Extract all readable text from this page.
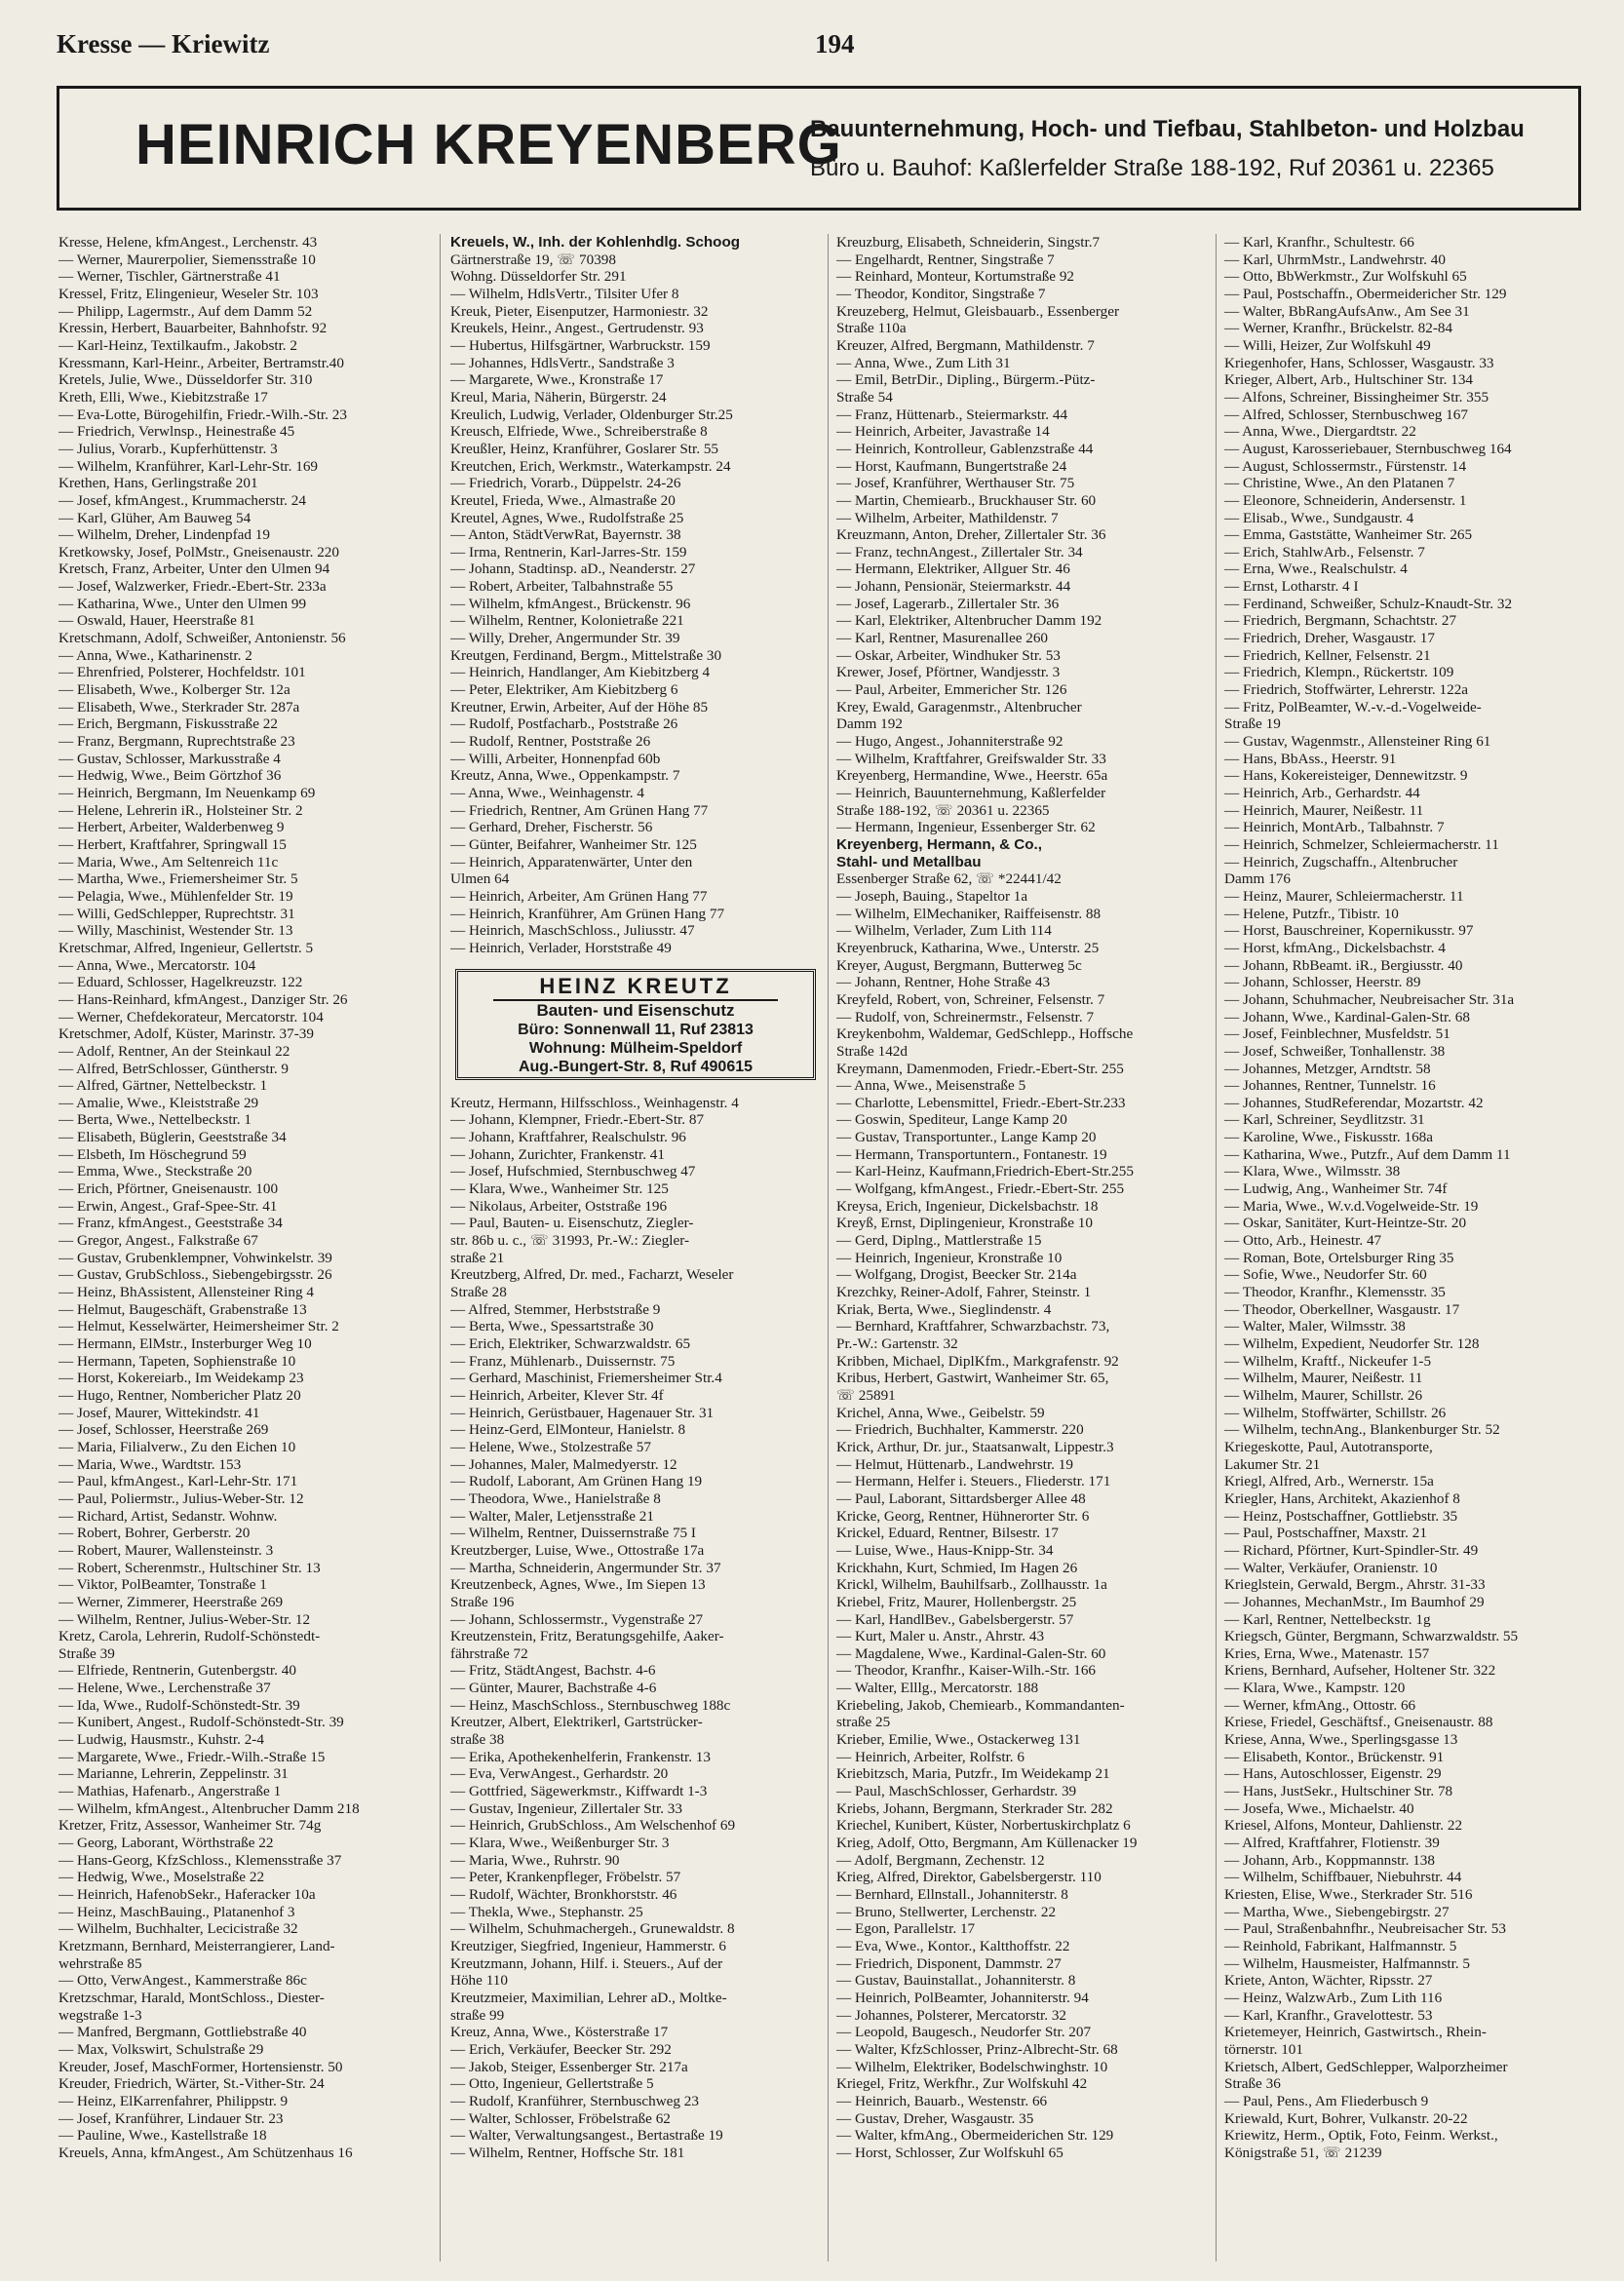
Kresse — Kriewitz	194
HEINRICH KREYENBERG
Bauunternehmung, Hoch- und Tiefbau, Stahlbeton- und Holzbau
Büro u. Bauhof: Kaßlerfelder Straße 188-192, Ruf 20361 u. 22365
Kresse, Helene, kfmAngest., Lerchenstr. 43
— Werner, Maurerpolier, Siemensstraße 10
— Werner, Tischler, Gärtnerstraße 41
Kressel, Fritz, Elingenieur, Weseler Str. 103
— Philipp, Lagermstr., Auf dem Damm 52
Kressin, Herbert, Bauarbeiter, Bahnhofstr. 92
— Karl-Heinz, Textilkaufm., Jakobstr. 2
Kressmann, Karl-Heinr., Arbeiter, Bertramstr.40
Kretels, Julie, Wwe., Düsseldorfer Str. 310
Kreth, Elli, Wwe., Kiebitzstraße 17
— Eva-Lotte, Bürogehilfin, Friedr.-Wilh.-Str. 23
— Friedrich, Verwlnsp., Heinestraße 45
— Julius, Vorarb., Kupferhüttenstr. 3
— Wilhelm, Kranführer, Karl-Lehr-Str. 169
Krethen, Hans, Gerlingstraße 201
— Josef, kfmAngest., Krummacherstr. 24
— Karl, Glüher, Am Bauweg 54
— Wilhelm, Dreher, Lindenpfad 19
Kretkowsky, Josef, PolMstr., Gneisenaustr. 220
Kretsch, Franz, Arbeiter, Unter den Ulmen 94
— Josef, Walzwerker, Friedr.-Ebert-Str. 233a
— Katharina, Wwe., Unter den Ulmen 99
— Oswald, Hauer, Heerstraße 81
Kretschmann, Adolf, Schweißer, Antonienstr. 56
— Anna, Wwe., Katharinenstr. 2
— Ehrenfried, Polsterer, Hochfeldstr. 101
— Elisabeth, Wwe., Kolberger Str. 12a
— Elisabeth, Wwe., Sterkrader Str. 287a
— Erich, Bergmann, Fiskusstraße 22
— Franz, Bergmann, Ruprechtstraße 23
— Gustav, Schlosser, Markusstraße 4
— Hedwig, Wwe., Beim Görtzhof 36
— Heinrich, Bergmann, Im Neuenkamp 69
— Helene, Lehrerin iR., Holsteiner Str. 2
— Herbert, Arbeiter, Walderbenweg 9
— Herbert, Kraftfahrer, Springwall 15
— Maria, Wwe., Am Seltenreich 11c
— Martha, Wwe., Friemersheimer Str. 5
— Pelagia, Wwe., Mühlenfelder Str. 19
— Willi, GedSchlepper, Ruprechtstr. 31
— Willy, Maschinist, Westender Str. 13
Kretschmar, Alfred, Ingenieur, Gellertstr. 5
— Anna, Wwe., Mercatorstr. 104
— Eduard, Schlosser, Hagelkreuzstr. 122
— Hans-Reinhard, kfmAngest., Danziger Str. 26
— Werner, Chefdekorateur, Mercatorstr. 104
Kretschmer, Adolf, Küster, Marinstr. 37-39
— Adolf, Rentner, An der Steinkaul 22
— Alfred, BetrSchlosser, Güntherstr. 9
— Alfred, Gärtner, Nettelbeckstr. 1
— Amalie, Wwe., Kleiststraße 29
— Berta, Wwe., Nettelbeckstr. 1
— Elisabeth, Büglerin, Geeststraße 34
— Elsbeth, Im Höschegrund 59
— Emma, Wwe., Steckstraße 20
— Erich, Pförtner, Gneisenaustr. 100
— Erwin, Angest., Graf-Spee-Str. 41
— Franz, kfmAngest., Geeststraße 34
— Gregor, Angest., Falkstraße 67
— Gustav, Grubenklempner, Vohwinkelstr. 39
— Gustav, GrubSchloss., Siebengebirgsstr. 26
— Heinz, BhAssistent, Allensteiner Ring 4
— Helmut, Baugeschäft, Grabenstraße 13
— Helmut, Kesselwärter, Heimersheimer Str. 2
— Hermann, ElMstr., Insterburger Weg 10
— Hermann, Tapeten, Sophienstraße 10
— Horst, Kokereiarb., Im Weidekamp 23
— Hugo, Rentner, Nombericher Platz 20
— Josef, Maurer, Wittekindstr. 41
— Josef, Schlosser, Heerstraße 269
— Maria, Filialverw., Zu den Eichen 10
— Maria, Wwe., Wardtstr. 153
— Paul, kfmAngest., Karl-Lehr-Str. 171
— Paul, Poliermstr., Julius-Weber-Str. 12
— Richard, Artist, Sedanstr. Wohnw.
— Robert, Bohrer, Gerberstr. 20
— Robert, Maurer, Wallensteinstr. 3
— Robert, Scherenmstr., Hultschiner Str. 13
— Viktor, PolBeamter, Tonstraße 1
— Werner, Zimmerer, Heerstraße 269
— Wilhelm, Rentner, Julius-Weber-Str. 12
Kretz, Carola, Lehrerin, Rudolf-Schönstedt-
Straße 39
— Elfriede, Rentnerin, Gutenbergstr. 40
— Helene, Wwe., Lerchenstraße 37
— Ida, Wwe., Rudolf-Schönstedt-Str. 39
— Kunibert, Angest., Rudolf-Schönstedt-Str. 39
— Ludwig, Hausmstr., Kuhstr. 2-4
— Margarete, Wwe., Friedr.-Wilh.-Straße 15
— Marianne, Lehrerin, Zeppelinstr. 31
— Mathias, Hafenarb., Angerstraße 1
— Wilhelm, kfmAngest., Altenbrucher Damm 218
Kretzer, Fritz, Assessor, Wanheimer Str. 74g
— Georg, Laborant, Wörthstraße 22
— Hans-Georg, KfzSchloss., Klemensstraße 37
— Hedwig, Wwe., Moselstraße 22
— Heinrich, HafenobSekr., Haferacker 10a
— Heinz, MaschBauing., Platanenhof 3
— Wilhelm, Buchhalter, Lecicistraße 32
Kretzmann, Bernhard, Meisterrangierer, Land-
wehrstraße 85
— Otto, VerwAngest., Kammerstraße 86c
Kretzschmar, Harald, MontSchloss., Diester-
wegstraße 1-3
— Manfred, Bergmann, Gottliebstraße 40
— Max, Volkswirt, Schulstraße 29
Kreuder, Josef, MaschFormer, Hortensienstr. 50
Kreuder, Friedrich, Wärter, St.-Vither-Str. 24
— Heinz, ElKarrenfahrer, Philippstr. 9
— Josef, Kranführer, Lindauer Str. 23
— Pauline, Wwe., Kastellstraße 18
Kreuels, Anna, kfmAngest., Am Schützenhaus 16
Kreuels, W., Inh. der Kohlenhdlg. Schoog
Gärtnerstraße 19, ☏ 70398
Wohng. Düsseldorfer Str. 291
— Wilhelm, HdlsVertr., Tilsiter Ufer 8
Kreuk, Pieter, Eisenputzer, Harmoniestr. 32
Kreukels, Heinr., Angest., Gertrudenstr. 93
— Hubertus, Hilfsgärtner, Warbruckstr. 159
— Johannes, HdlsVertr., Sandstraße 3
— Margarete, Wwe., Kronstraße 17
Kreul, Maria, Näherin, Bürgerstr. 24
Kreulich, Ludwig, Verlader, Oldenburger Str.25
Kreusch, Elfriede, Wwe., Schreiberstraße 8
Kreußler, Heinz, Kranführer, Goslarer Str. 55
Kreutchen, Erich, Werkmstr., Waterkampstr. 24
— Friedrich, Vorarb., Düppelstr. 24-26
Kreutel, Frieda, Wwe., Almastraße 20
Kreutel, Agnes, Wwe., Rudolfstraße 25
— Anton, StädtVerwRat, Bayernstr. 38
— Irma, Rentnerin, Karl-Jarres-Str. 159
— Johann, Stadtinsp. aD., Neanderstr. 27
— Robert, Arbeiter, Talbahnstraße 55
— Wilhelm, kfmAngest., Brückenstr. 96
— Wilhelm, Rentner, Kolonietraße 221
— Willy, Dreher, Angermunder Str. 39
Kreutgen, Ferdinand, Bergm., Mittelstraße 30
— Heinrich, Handlanger, Am Kiebitzberg 4
— Peter, Elektriker, Am Kiebitzberg 6
Kreutner, Erwin, Arbeiter, Auf der Höhe 85
— Rudolf, Postfacharb., Poststraße 26
— Rudolf, Rentner, Poststraße 26
— Willi, Arbeiter, Honnenpfad 60b
Kreutz, Anna, Wwe., Oppenkampstr. 7
— Anna, Wwe., Weinhagenstr. 4
— Friedrich, Rentner, Am Grünen Hang 77
— Gerhard, Dreher, Fischerstr. 56
— Günter, Beifahrer, Wanheimer Str. 125
— Heinrich, Apparatenwärter, Unter den
Ulmen 64
— Heinrich, Arbeiter, Am Grünen Hang 77
— Heinrich, Kranführer, Am Grünen Hang 77
— Heinrich, MaschSchloss., Juliusstr. 47
— Heinrich, Verlader, Horststraße 49

Kreutz, Hermann, Hilfsschloss., Weinhagenstr. 4
— Johann, Klempner, Friedr.-Ebert-Str. 87
— Johann, Kraftfahrer, Realschulstr. 96
— Johann, Zurichter, Frankenstr. 41
— Josef, Hufschmied, Sternbuschweg 47
— Klara, Wwe., Wanheimer Str. 125
— Nikolaus, Arbeiter, Oststraße 196
— Paul, Bauten- u. Eisenschutz, Ziegler-
str. 86b u. c., ☏ 31993, Pr.-W.: Ziegler-
straße 21
Kreutzberg, Alfred, Dr. med., Facharzt, Weseler
Straße 28
— Alfred, Stemmer, Herbststraße 9
— Berta, Wwe., Spessartstraße 30
— Erich, Elektriker, Schwarzwaldstr. 65
— Franz, Mühlenarb., Duissernstr. 75
— Gerhard, Maschinist, Friemersheimer Str.4
— Heinrich, Arbeiter, Klever Str. 4f
— Heinrich, Gerüstbauer, Hagenauer Str. 31
— Heinz-Gerd, ElMonteur, Hanielstr. 8
— Helene, Wwe., Stolzestraße 57
— Johannes, Maler, Malmedyerstr. 12
— Rudolf, Laborant, Am Grünen Hang 19
— Theodora, Wwe., Hanielstraße 8
— Walter, Maler, Letjensstraße 21
— Wilhelm, Rentner, Duissernstraße 75 I
Kreutzberger, Luise, Wwe., Ottostraße 17a
— Martha, Schneiderin, Angermunder Str. 37
Kreutzenbeck, Agnes, Wwe., Im Siepen 13
Straße 196
— Johann, Schlossermstr., Vygenstraße 27
Kreutzenstein, Fritz, Beratungsgehilfe, Aaker-
fährstraße 72
— Fritz, StädtAngest, Bachstr. 4-6
— Günter, Maurer, Bachstraße 4-6
— Heinz, MaschSchloss., Sternbuschweg 188c
Kreutzer, Albert, Elektrikerl, Gartstrücker-
straße 38
— Erika, Apothekenhelferin, Frankenstr. 13
— Eva, VerwAngest., Gerhardstr. 20
— Gottfried, Sägewerkmstr., Kiffwardt 1-3
— Gustav, Ingenieur, Zillertaler Str. 33
— Heinrich, GrubSchloss., Am Welschenhof 69
— Klara, Wwe., Weißenburger Str. 3
— Maria, Wwe., Ruhrstr. 90
— Peter, Krankenpfleger, Fröbelstr. 57
— Rudolf, Wächter, Bronkhorststr. 46
— Thekla, Wwe., Stephanstr. 25
— Wilhelm, Schuhmachergeh., Grunewaldstr. 8
Kreutziger, Siegfried, Ingenieur, Hammerstr. 6
Kreutzmann, Johann, Hilf. i. Steuers., Auf der
Höhe 110
Kreutzmeier, Maximilian, Lehrer aD., Moltke-
straße 99
Kreuz, Anna, Wwe., Kösterstraße 17
— Erich, Verkäufer, Beecker Str. 292
— Jakob, Steiger, Essenberger Str. 217a
— Otto, Ingenieur, Gellertstraße 5
— Rudolf, Kranführer, Sternbuschweg 23
— Walter, Schlosser, Fröbelstraße 62
— Walter, Verwaltungsangest., Bertastraße 19
— Wilhelm, Rentner, Hoffsche Str. 181
Kreuzburg, Elisabeth, Schneiderin, Singstr.7
— Engelhardt, Rentner, Singstraße 7
— Reinhard, Monteur, Kortumstraße 92
— Theodor, Konditor, Singstraße 7
Kreuzeberg, Helmut, Gleisbauarb., Essenberger
Straße 110a
Kreuzer, Alfred, Bergmann, Mathildenstr. 7
— Anna, Wwe., Zum Lith 31
— Emil, BetrDir., Dipling., Bürgerm.-Pütz-
Straße 54
— Franz, Hüttenarb., Steiermarkstr. 44
— Heinrich, Arbeiter, Javastraße 14
— Heinrich, Kontrolleur, Gablenzstraße 44
— Horst, Kaufmann, Bungertstraße 24
— Josef, Kranführer, Werthauser Str. 75
— Martin, Chemiearb., Bruckhauser Str. 60
— Wilhelm, Arbeiter, Mathildenstr. 7
Kreuzmann, Anton, Dreher, Zillertaler Str. 36
— Franz, technAngest., Zillertaler Str. 34
— Hermann, Elektriker, Allguer Str. 46
— Johann, Pensionär, Steiermarkstr. 44
— Josef, Lagerarb., Zillertaler Str. 36
— Karl, Elektriker, Altenbrucher Damm 192
— Karl, Rentner, Masurenallee 260
— Oskar, Arbeiter, Windhuker Str. 53
Krewer, Josef, Pförtner, Wandjesstr. 3
— Paul, Arbeiter, Emmericher Str. 126
Krey, Ewald, Garagenmstr., Altenbrucher
Damm 192
— Hugo, Angest., Johanniterstraße 92
— Wilhelm, Kraftfahrer, Greifswalder Str. 33
Kreyenberg, Hermandine, Wwe., Heerstr. 65a
— Heinrich, Bauunternehmung, Kaßlerfelder
Straße 188-192, ☏ 20361 u. 22365
— Hermann, Ingenieur, Essenberger Str. 62
Kreyenberg, Hermann, & Co.,
Stahl- und Metallbau
Essenberger Straße 62, ☏ *22441/42
— Joseph, Bauing., Stapeltor 1a
— Wilhelm, ElMechaniker, Raiffeisenstr. 88
— Wilhelm, Verlader, Zum Lith 114
Kreyenbruck, Katharina, Wwe., Unterstr. 25
Kreyer, August, Bergmann, Butterweg 5c
— Johann, Rentner, Hohe Straße 43
Kreyfeld, Robert, von, Schreiner, Felsenstr. 7
— Rudolf, von, Schreinermstr., Felsenstr. 7
Kreykenbohm, Waldemar, GedSchlepp., Hoffsche
Straße 142d
Kreymann, Damenmoden, Friedr.-Ebert-Str. 255
— Anna, Wwe., Meisenstraße 5
— Charlotte, Lebensmittel, Friedr.-Ebert-Str.233
— Goswin, Spediteur, Lange Kamp 20
— Gustav, Transportunter., Lange Kamp 20
— Hermann, Transportuntern., Fontanestr. 19
— Karl-Heinz, Kaufmann,Friedrich-Ebert-Str.255
— Wolfgang, kfmAngest., Friedr.-Ebert-Str. 255
Kreysa, Erich, Ingenieur, Dickelsbachstr. 18
Kreyß, Ernst, Diplingenieur, Kronstraße 10
— Gerd, Diplng., Mattlerstraße 15
— Heinrich, Ingenieur, Kronstraße 10
— Wolfgang, Drogist, Beecker Str. 214a
Krezchky, Reiner-Adolf, Fahrer, Steinstr. 1
Kriak, Berta, Wwe., Sieglindenstr. 4
— Bernhard, Kraftfahrer, Schwarzbachstr. 73,
Pr.-W.: Gartenstr. 32
Kribben, Michael, DiplKfm., Markgrafenstr. 92
Kribus, Herbert, Gastwirt, Wanheimer Str. 65,
☏ 25891
Krichel, Anna, Wwe., Geibelstr. 59
— Friedrich, Buchhalter, Kammerstr. 220
Krick, Arthur, Dr. jur., Staatsanwalt, Lippestr.3
— Helmut, Hüttenarb., Landwehrstr. 19
— Hermann, Helfer i. Steuers., Fliederstr. 171
— Paul, Laborant, Sittardsberger Allee 48
Kricke, Georg, Rentner, Hühnerorter Str. 6
Krickel, Eduard, Rentner, Bilsestr. 17
— Luise, Wwe., Haus-Knipp-Str. 34
Krickhahn, Kurt, Schmied, Im Hagen 26
Krickl, Wilhelm, Bauhilfsarb., Zollhausstr. 1a
Kriebel, Fritz, Maurer, Hollenbergstr. 25
— Karl, HandlBev., Gabelsbergerstr. 57
— Kurt, Maler u. Anstr., Ahrstr. 43
— Magdalene, Wwe., Kardinal-Galen-Str. 60
— Theodor, Kranfhr., Kaiser-Wilh.-Str. 166
— Walter, Elllg., Mercatorstr. 188
Kriebeling, Jakob, Chemiearb., Kommandanten-
straße 25
Krieber, Emilie, Wwe., Ostackerweg 131
— Heinrich, Arbeiter, Rolfstr. 6
Kriebitzsch, Maria, Putzfr., Im Weidekamp 21
— Paul, MaschSchlosser, Gerhardstr. 39
Kriebs, Johann, Bergmann, Sterkrader Str. 282
Kriechel, Kunibert, Küster, Norbertuskirchplatz 6
Krieg, Adolf, Otto, Bergmann, Am Küllenacker 19
— Adolf, Bergmann, Zechenstr. 12
Krieg, Alfred, Direktor, Gabelsbergerstr. 110
— Bernhard, Ellnstall., Johanniterstr. 8
— Bruno, Stellwerter, Lerchenstr. 22
— Egon, Parallelstr. 17
— Eva, Wwe., Kontor., Kaltthoffstr. 22
— Friedrich, Disponent, Dammstr. 27
— Gustav, Bauinstallat., Johanniterstr. 8
— Heinrich, PolBeamter, Johanniterstr. 94
— Johannes, Polsterer, Mercatorstr. 32
— Leopold, Baugesch., Neudorfer Str. 207
— Walter, KfzSchlosser, Prinz-Albrecht-Str. 68
— Wilhelm, Elektriker, Bodelschwinghstr. 10
Kriegel, Fritz, Werkfhr., Zur Wolfskuhl 42
— Heinrich, Bauarb., Westenstr. 66
— Gustav, Dreher, Wasgaustr. 35
— Walter, kfmAng., Obermeiderichen Str. 129
— Horst, Schlosser, Zur Wolfskuhl 65
— Karl, Kranfhr., Schultestr. 66
— Karl, UhrmMstr., Landwehrstr. 40
— Otto, BbWerkmstr., Zur Wolfskuhl 65
— Paul, Postschaffn., Obermeidericher Str. 129
— Walter, BbRangAufsAnw., Am See 31
— Werner, Kranfhr., Brückelstr. 82-84
— Willi, Heizer, Zur Wolfskuhl 49
Kriegenhofer, Hans, Schlosser, Wasgaustr. 33
Krieger, Albert, Arb., Hultschiner Str. 134
— Alfons, Schreiner, Bissingheimer Str. 355
— Alfred, Schlosser, Sternbuschweg 167
— Anna, Wwe., Diergardtstr. 22
— August, Karosseriebauer, Sternbuschweg 164
— August, Schlossermstr., Fürstenstr. 14
— Christine, Wwe., An den Platanen 7
— Eleonore, Schneiderin, Andersenstr. 1
— Elisab., Wwe., Sundgaustr. 4
— Emma, Gaststätte, Wanheimer Str. 265
— Erich, StahlwArb., Felsenstr. 7
— Erna, Wwe., Realschulstr. 4
— Ernst, Lotharstr. 4 I
— Ferdinand, Schweißer, Schulz-Knaudt-Str. 32
— Friedrich, Bergmann, Schachtstr. 27
— Friedrich, Dreher, Wasgaustr. 17
— Friedrich, Kellner, Felsenstr. 21
— Friedrich, Klempn., Rückertstr. 109
— Friedrich, Stoffwärter, Lehrerstr. 122a
— Fritz, PolBeamter, W.-v.-d.-Vogelweide-
Straße 19
— Gustav, Wagenmstr., Allensteiner Ring 61
— Hans, BbAss., Heerstr. 91
— Hans, Kokereisteiger, Dennewitzstr. 9
— Heinrich, Arb., Gerhardstr. 44
— Heinrich, Maurer, Neißestr. 11
— Heinrich, MontArb., Talbahnstr. 7
— Heinrich, Schmelzer, Schleiermacherstr. 11
— Heinrich, Zugschaffn., Altenbrucher
Damm 176
— Heinz, Maurer, Schleiermacherstr. 11
— Helene, Putzfr., Tibistr. 10
— Horst, Bauschreiner, Kopernikusstr. 97
— Horst, kfmAng., Dickelsbachstr. 4
— Johann, RbBeamt. iR., Bergiusstr. 40
— Johann, Schlosser, Heerstr. 89
— Johann, Schuhmacher, Neubreisacher Str. 31a
— Johann, Wwe., Kardinal-Galen-Str. 68
— Josef, Feinblechner, Musfeldstr. 51
— Josef, Schweißer, Tonhallenstr. 38
— Johannes, Metzger, Arndtstr. 58
— Johannes, Rentner, Tunnelstr. 16
— Johannes, StudReferendar, Mozartstr. 42
— Karl, Schreiner, Seydlitzstr. 31
— Karoline, Wwe., Fiskusstr. 168a
— Katharina, Wwe., Putzfr., Auf dem Damm 11
— Klara, Wwe., Wilmsstr. 38
— Ludwig, Ang., Wanheimer Str. 74f
— Maria, Wwe., W.v.d.Vogelweide-Str. 19
— Oskar, Sanitäter, Kurt-Heintze-Str. 20
— Otto, Arb., Heinestr. 47
— Roman, Bote, Ortelsburger Ring 35
— Sofie, Wwe., Neudorfer Str. 60
— Theodor, Kranfhr., Klemensstr. 35
— Theodor, Oberkellner, Wasgaustr. 17
— Walter, Maler, Wilmsstr. 38
— Wilhelm, Expedient, Neudorfer Str. 128
— Wilhelm, Kraftf., Nickeufer 1-5
— Wilhelm, Maurer, Neißestr. 11
— Wilhelm, Maurer, Schillstr. 26
— Wilhelm, Stoffwärter, Schillstr. 26
— Wilhelm, technAng., Blankenburger Str. 52
Kriegeskotte, Paul, Autotransporte,
Lakumer Str. 21
Kriegl, Alfred, Arb., Wernerstr. 15a
Kriegler, Hans, Architekt, Akazienhof 8
— Heinz, Postschaffner, Gottliebstr. 35
— Paul, Postschaffner, Maxstr. 21
— Richard, Pförtner, Kurt-Spindler-Str. 49
— Walter, Verkäufer, Oranienstr. 10
Krieglstein, Gerwald, Bergm., Ahrstr. 31-33
— Johannes, MechanMstr., Im Baumhof 29
— Karl, Rentner, Nettelbeckstr. 1g
Kriegsch, Günter, Bergmann, Schwarzwaldstr. 55
Kries, Erna, Wwe., Matenastr. 157
Kriens, Bernhard, Aufseher, Holtener Str. 322
— Klara, Wwe., Kampstr. 120
— Werner, kfmAng., Ottostr. 66
Kriese, Friedel, Geschäftsf., Gneisenaustr. 88
Kriese, Anna, Wwe., Sperlingsgasse 13
— Elisabeth, Kontor., Brückenstr. 91
— Hans, Autoschlosser, Eigenstr. 29
— Hans, JustSekr., Hultschiner Str. 78
— Josefa, Wwe., Michaelstr. 40
Kriesel, Alfons, Monteur, Dahlienstr. 22
— Alfred, Kraftfahrer, Flotienstr. 39
— Johann, Arb., Koppmannstr. 138
— Wilhelm, Schiffbauer, Niebuhrstr. 44
Kriesten, Elise, Wwe., Sterkrader Str. 516
— Martha, Wwe., Siebengebirgstr. 27
— Paul, Straßenbahnfhr., Neubreisacher Str. 53
— Reinhold, Fabrikant, Halfmannstr. 5
— Wilhelm, Hausmeister, Halfmannstr. 5
Kriete, Anton, Wächter, Ripsstr. 27
— Heinz, WalzwArb., Zum Lith 116
— Karl, Kranfhr., Gravelottestr. 53
Krietemeyer, Heinrich, Gastwirtsch., Rhein-
törnerstr. 101
Krietsch, Albert, GedSchlepper, Walporzheimer
Straße 36
— Paul, Pens., Am Fliederbusch 9
Kriewald, Kurt, Bohrer, Vulkanstr. 20-22
Kriewitz, Herm., Optik, Foto, Feinm. Werkst.,
Königstraße 51, ☏ 21239
HEINZ KREUTZ
Bauten- und Eisenschutz
Büro: Sonnenwall 11, Ruf 23813
Wohnung: Mülheim-Speldorf
Aug.-Bungert-Str. 8, Ruf 490615
